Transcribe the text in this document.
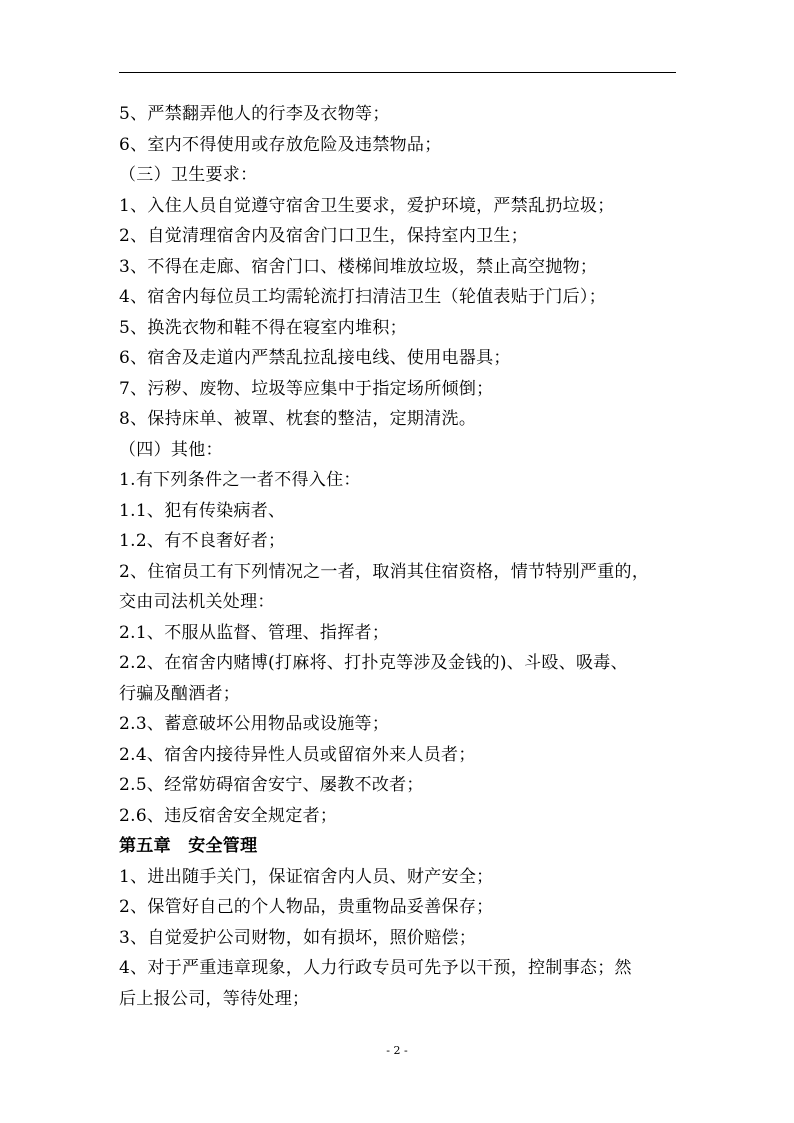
5、严禁翻弄他人的行李及衣物等；
6、室内不得使用或存放危险及违禁物品；
（三）卫生要求：
1、入住人员自觉遵守宿舍卫生要求，爱护环境，严禁乱扔垃圾；
2、自觉清理宿舍内及宿舍门口卫生，保持室内卫生；
3、不得在走廊、宿舍门口、楼梯间堆放垃圾，禁止高空抛物；
4、宿舍内每位员工均需轮流打扫清洁卫生（轮值表贴于门后）；
5、换洗衣物和鞋不得在寝室内堆积；
6、宿舍及走道内严禁乱拉乱接电线、使用电器具；
7、污秽、废物、垃圾等应集中于指定场所倾倒；
8、保持床单、被罩、枕套的整洁，定期清洗。
（四）其他：
1.有下列条件之一者不得入住：
1.1、犯有传染病者、
1.2、有不良奢好者；
2、住宿员工有下列情况之一者，取消其住宿资格，情节特别严重的，
交由司法机关处理：
2.1、不服从监督、管理、指挥者；
2.2、在宿舍内赌博(打麻将、打扑克等涉及金钱的)、斗殴、吸毒、
行骗及酗酒者；
2.3、蓄意破坏公用物品或设施等；
2.4、宿舍内接待异性人员或留宿外来人员者；
2.5、经常妨碍宿舍安宁、屡教不改者；
2.6、违反宿舍安全规定者；
第五章　安全管理
1、进出随手关门，保证宿舍内人员、财产安全；
2、保管好自己的个人物品，贵重物品妥善保存；
3、自觉爱护公司财物，如有损坏，照价赔偿；
4、对于严重违章现象，人力行政专员可先予以干预，控制事态；然
后上报公司，等待处理；
- 2 -
